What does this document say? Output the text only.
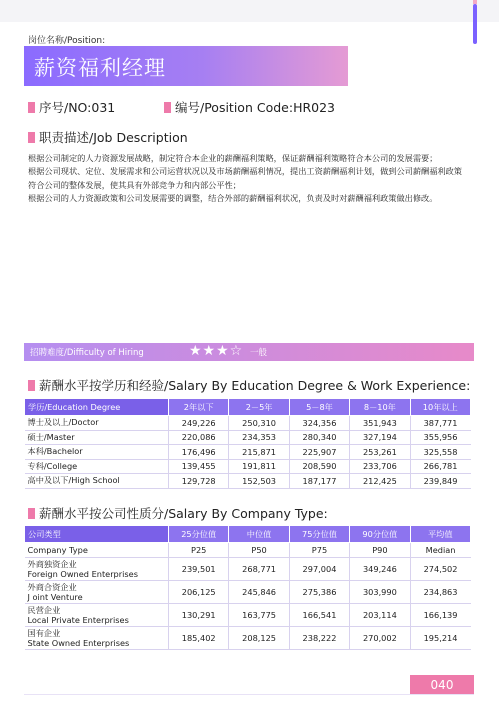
岗位名称/Position:
薪资福利经理
序号/NO:031	编号/Position Code:HR023
职责描述/Job Description
根据公司制定的人力资源发展战略，制定符合本企业的薪酬福利策略，保证薪酬福利策略符合本公司的发展需要；
根据公司现状、定位、发展需求和公司运营状况以及市场薪酬福利情况，提出工资薪酬福利计划，做到公司薪酬福利政策
符合公司的整体发展，使其具有外部竞争力和内部公平性；
根据公司的人力资源政策和公司发展需要的调整，结合外部的薪酬福利状况，负责及时对薪酬福利政策做出修改。
招聘难度/Difficulty of Hiring	★★★☆ 一般
薪酬水平按学历和经验/Salary By Education Degree & Work Experience:
学历/Education Degree	2年以下	2－5年	5－8年	8－10年	10年以上
博士及以上/Doctor	249,226	250,310	324,356	351,943	387,771
硕士/Master	220,086	234,353	280,340	327,194	355,956
本科/Bachelor	176,496	215,871	225,907	253,261	325,558
专科/College	139,455	191,811	208,590	233,706	266,781
高中及以下/High School	129,728	152,503	187,177	212,425	239,849
薪酬水平按公司性质分/Salary By Company Type:
公司类型	25分位值	中位值	75分位值	90分位值	平均值
Company Type	P25	P50	P75	P90	Median

外商独资企业
Foreign Owned Enterprises	239,501	268,771	297,004	349,246	274,502

外商合资企业
J oint Venture	206,125	245,846	275,386	303,990	234,863

民营企业
Local Private Enterprises	130,291	163,775	166,541	203,114	166,139

国有企业
State Owned Enterprises	185,402	208,125	238,222	270,002	195,214
040
